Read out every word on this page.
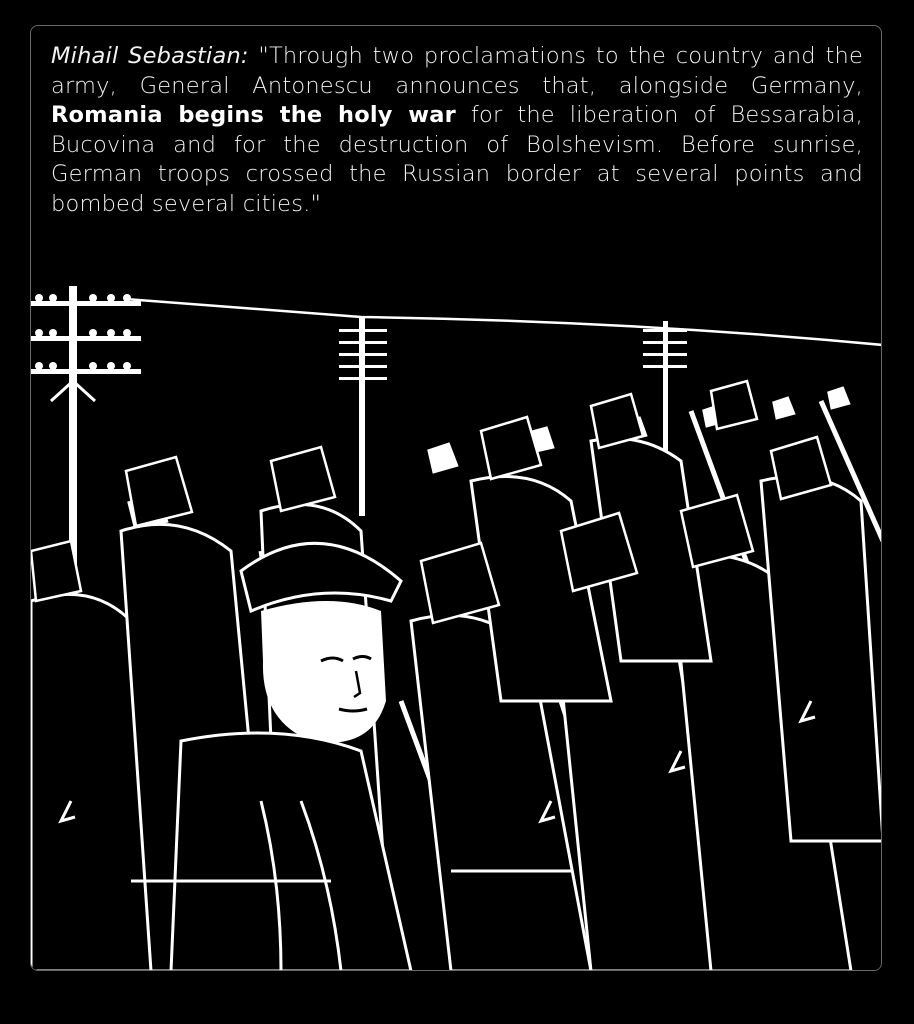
Mihail Sebastian: "Through two proclamations to the country and the army, General Antonescu announces that, alongside Germany, Romania begins the holy war for the liberation of Bessarabia, Bucovina and for the destruction of Bolshevism. Before sunrise, German troops crossed the Russian border at several points and bombed several cities."
